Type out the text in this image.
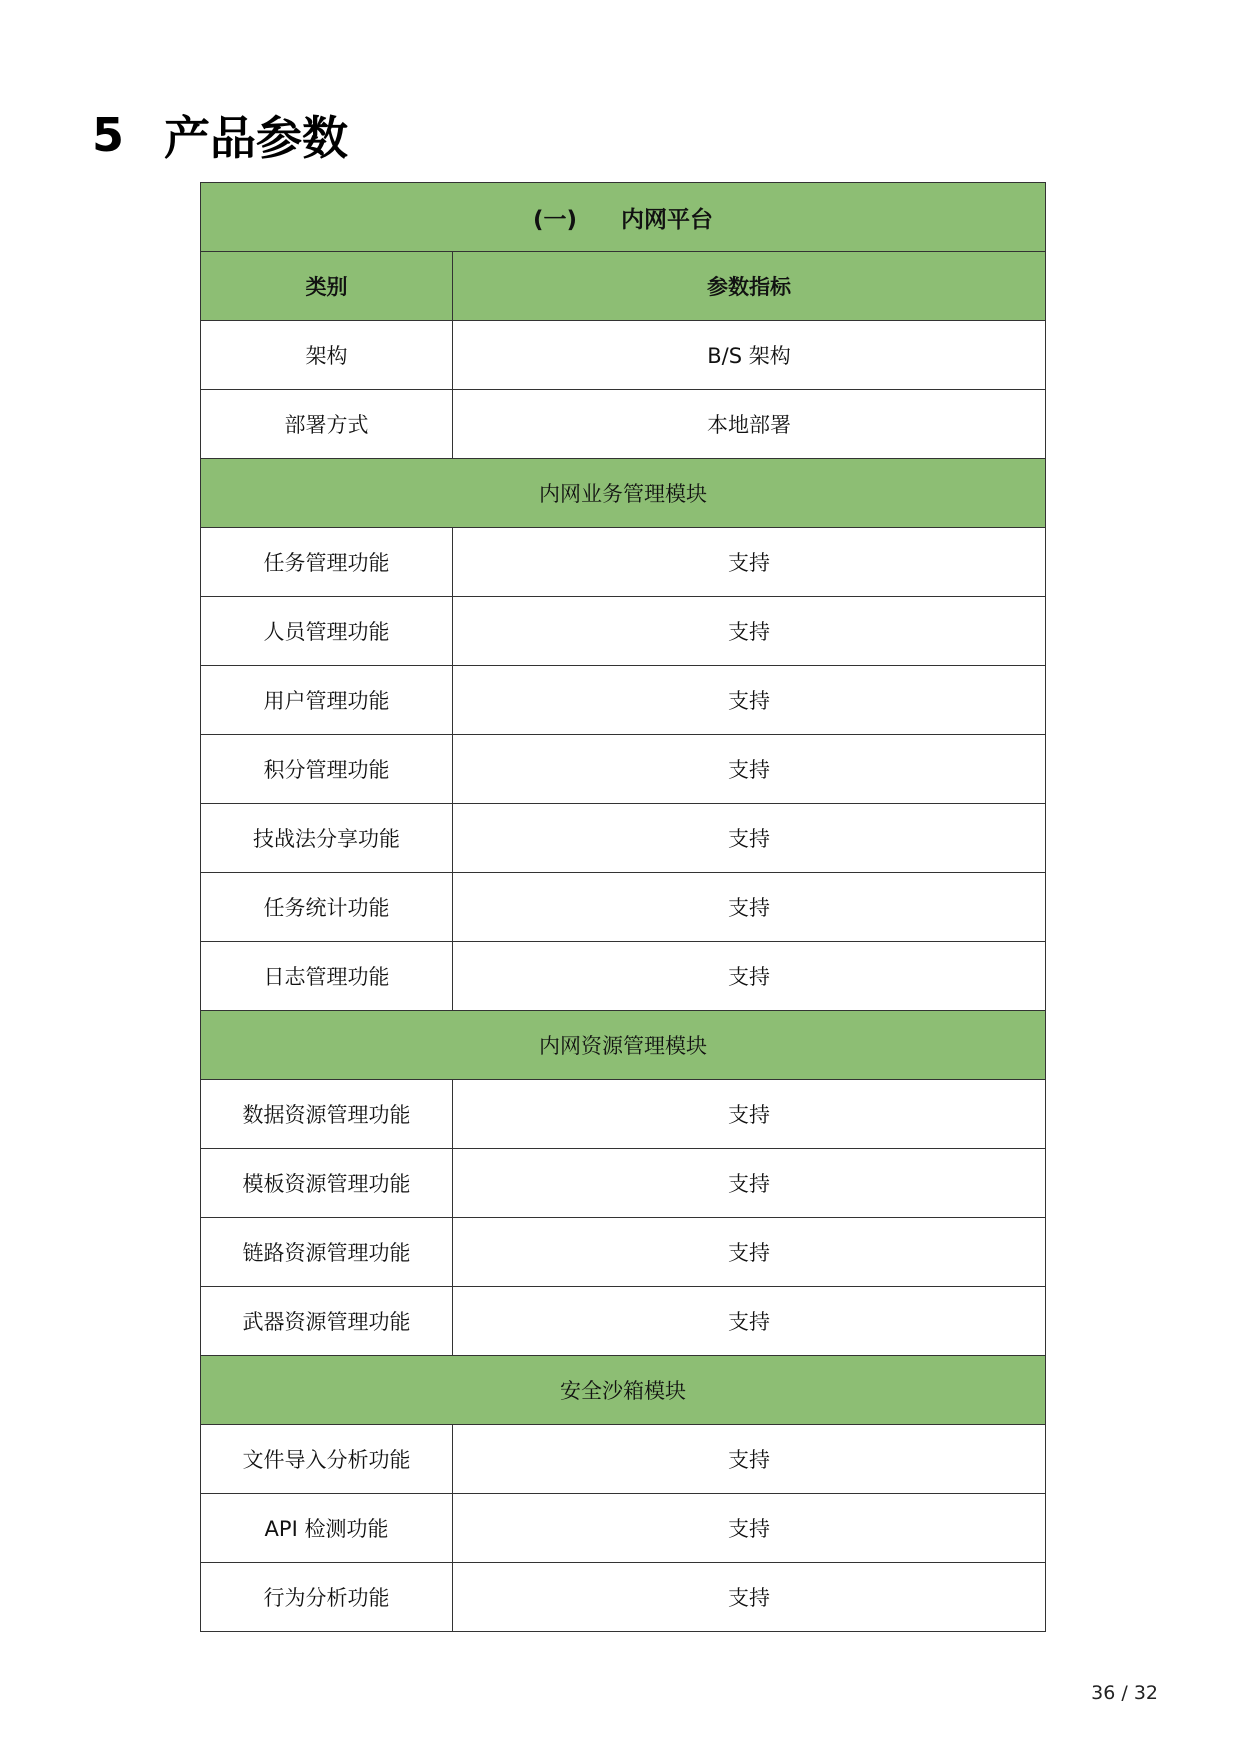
5 产品参数
(一) 内网平台	
类别	参数指标
架构	B/S 架构
部署方式	本地部署
内网业务管理模块	
任务管理功能	支持
人员管理功能	支持
用户管理功能	支持
积分管理功能	支持
技战法分享功能	支持
任务统计功能	支持
日志管理功能	支持
内网资源管理模块	
数据资源管理功能	支持
模板资源管理功能	支持
链路资源管理功能	支持
武器资源管理功能	支持
安全沙箱模块	
文件导入分析功能	支持
API 检测功能	支持
行为分析功能	支持
36 / 32
